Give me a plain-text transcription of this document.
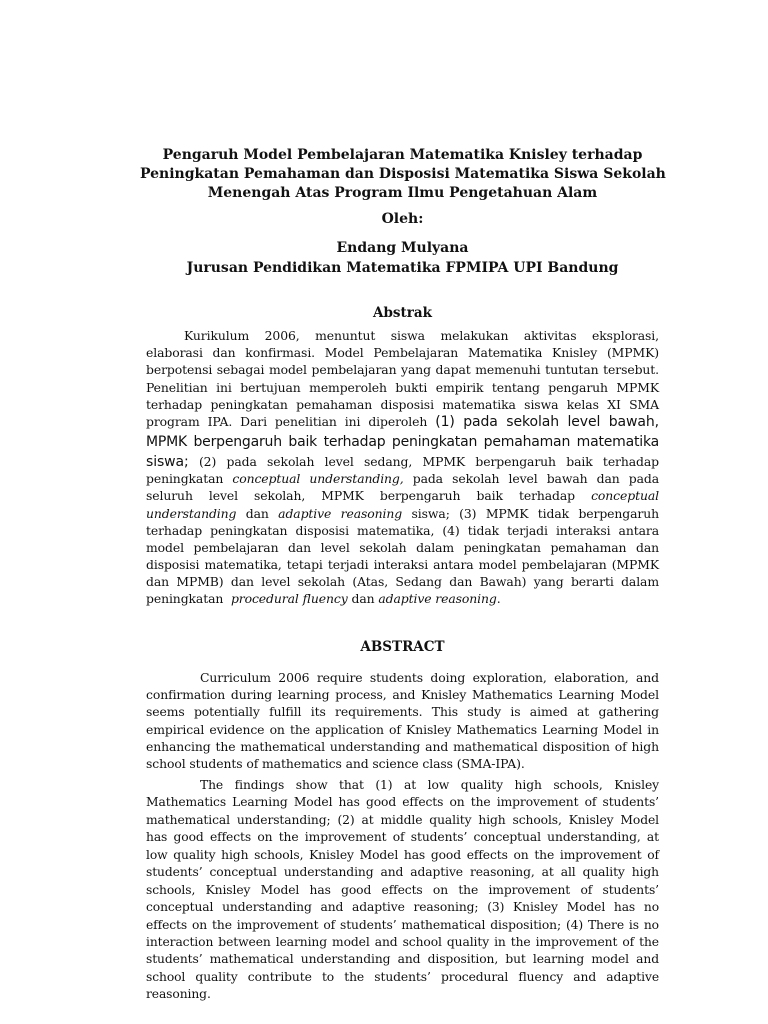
Pengaruh Model Pembelajaran Matematika Knisley terhadap
Peningkatan Pemahaman dan Disposisi Matematika Siswa Sekolah
Menengah Atas Program Ilmu Pengetahuan Alam
Oleh:
Endang Mulyana
Jurusan Pendidikan Matematika FPMIPA UPI Bandung
Abstrak
Kurikulum 2006, menuntut siswa melakukan aktivitas eksplorasi,
elaborasi dan konfirmasi. Model Pembelajaran Matematika Knisley (MPMK)
berpotensi sebagai model pembelajaran yang dapat memenuhi tuntutan tersebut.
Penelitian ini bertujuan memperoleh bukti empirik tentang pengaruh MPMK
terhadap peningkatan pemahaman disposisi matematika siswa kelas XI SMA
program IPA. Dari penelitian ini diperoleh (1) pada sekolah level bawah,
MPMK berpengaruh baik terhadap peningkatan pemahaman matematika
siswa; (2) pada sekolah level sedang, MPMK berpengaruh baik terhadap
peningkatan conceptual understanding, pada sekolah level bawah dan pada
seluruh level sekolah, MPMK berpengaruh baik terhadap conceptual
understanding dan adaptive reasoning siswa; (3) MPMK tidak berpengaruh
terhadap peningkatan disposisi matematika, (4) tidak terjadi interaksi antara
model pembelajaran dan level sekolah dalam peningkatan pemahaman dan
disposisi matematika, tetapi terjadi interaksi antara model pembelajaran (MPMK
dan MPMB) dan level sekolah (Atas, Sedang dan Bawah) yang berarti dalam
peningkatan procedural fluency dan adaptive reasoning.
ABSTRACT
Curriculum 2006 require students doing exploration, elaboration, and
confirmation during learning process, and Knisley Mathematics Learning Model
seems potentially fulfill its requirements. This study is aimed at gathering
empirical evidence on the application of Knisley Mathematics Learning Model in
enhancing the mathematical understanding and mathematical disposition of high
school students of mathematics and science class (SMA-IPA).
The findings show that (1) at low quality high schools, Knisley
Mathematics Learning Model has good effects on the improvement of students’
mathematical understanding; (2) at middle quality high schools, Knisley Model
has good effects on the improvement of students’ conceptual understanding, at
low quality high schools, Knisley Model has good effects on the improvement of
students’ conceptual understanding and adaptive reasoning, at all quality high
schools, Knisley Model has good effects on the improvement of students’
conceptual understanding and adaptive reasoning; (3) Knisley Model has no
effects on the improvement of students’ mathematical disposition; (4) There is no
interaction between learning model and school quality in the improvement of the
students’ mathematical understanding and disposition, but learning model and
school quality contribute to the students’ procedural fluency and adaptive
reasoning.
